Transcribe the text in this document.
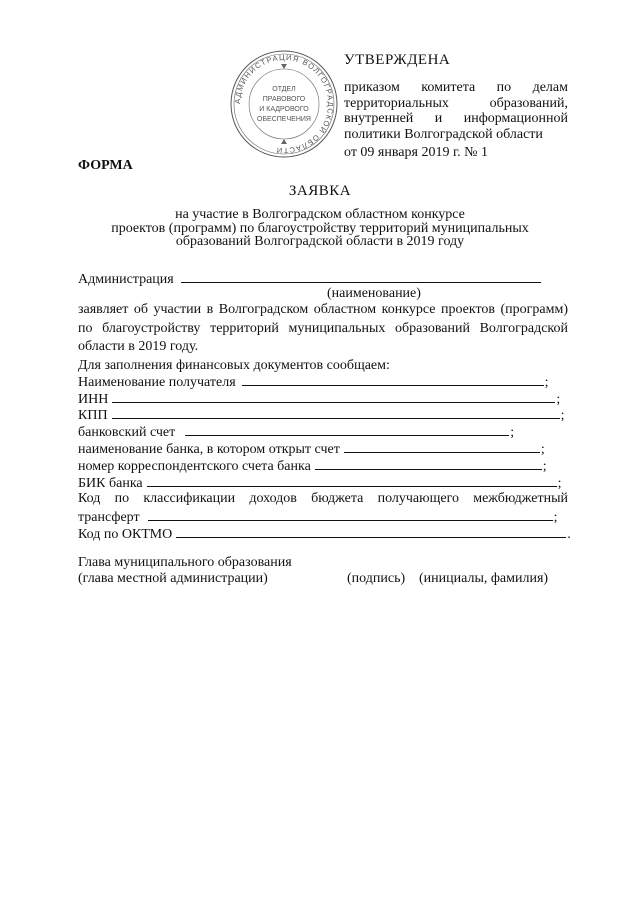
АДМИНИСТРАЦИЯ ВОЛГОГРАДСКОЙ ОБЛАСТИ
ОТДЕЛ
ПРАВОВОГО
И КАДРОВОГО
ОБЕСПЕЧЕНИЯ
УТВЕРЖДЕНА
приказом комитета по делам территориальных образований, внутренней и информационной политики Волгоградской области
от 09 января 2019 г. № 1
ФОРМА
ЗАЯВКА
на участие в Волгоградском областном конкурсе
проектов (программ) по благоустройству территорий муниципальных
образований Волгоградской области в 2019 году
Администрация
(наименование)
заявляет об участии в Волгоградском областном конкурсе проектов (программ) по благоустройству территорий муниципальных образований Волгоградской области в 2019 году.
Для заполнения финансовых документов сообщаем:
Наименование получателя	;
ИНН	;
КПП	;
банковский счет	;
наименование банка, в котором открыт счет	;
номер корреспондентского счета банка	;
БИК банка	;
Код по классификации доходов бюджета получающего межбюджетный
трансферт	;
Код по ОКТМО	.
Глава муниципального образования
(глава местной администрации)	(подпись) (инициалы, фамилия)
